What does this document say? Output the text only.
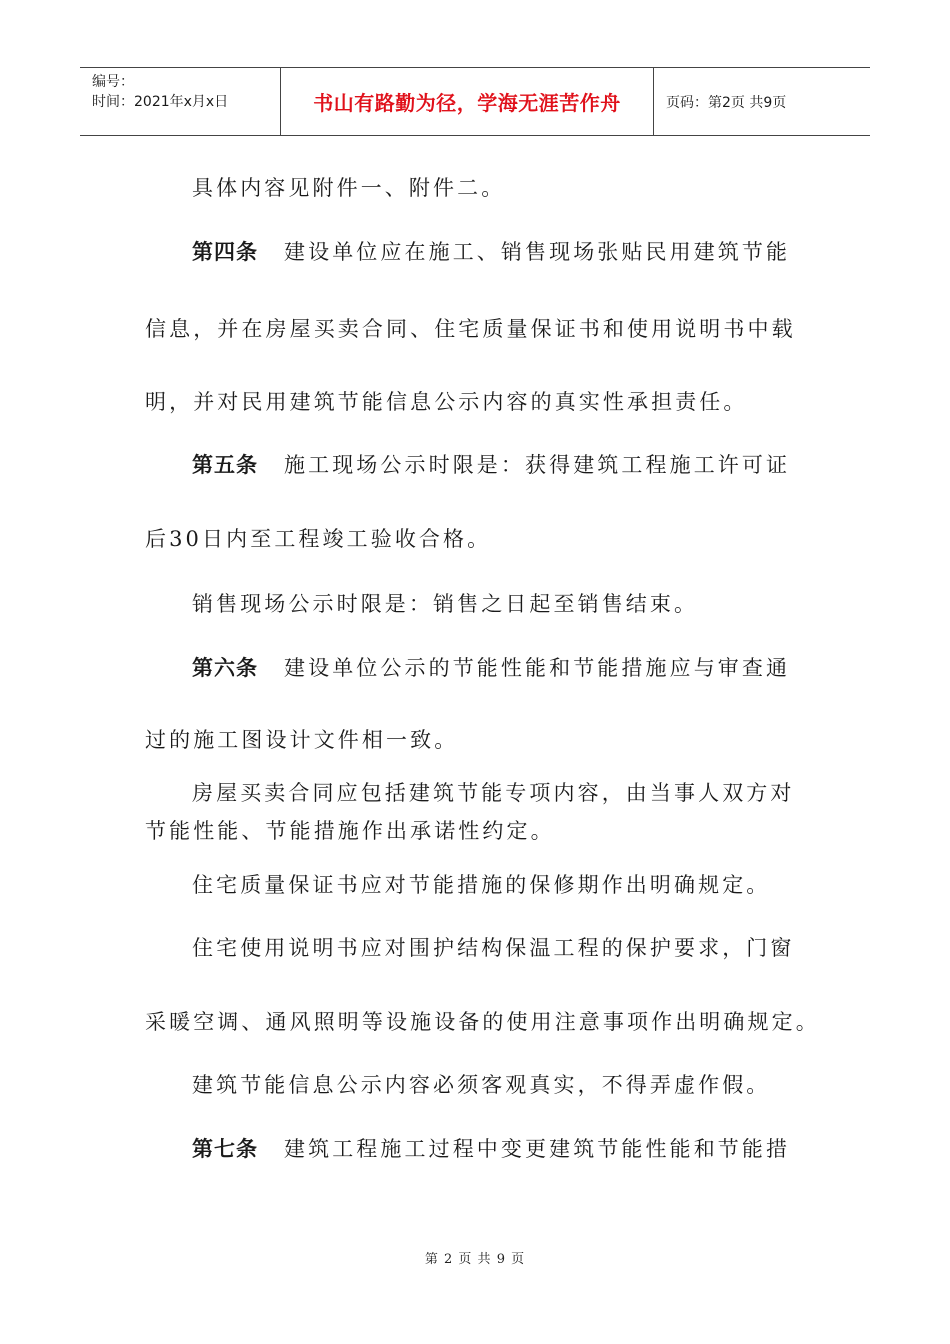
编号：
时间：2021年x月x日	书山有路勤为径，学海无涯苦作舟	页码：第2页 共9页
具体内容见附件一、附件二。
第四条 建设单位应在施工、销售现场张贴民用建筑节能
信息，并在房屋买卖合同、住宅质量保证书和使用说明书中载
明，并对民用建筑节能信息公示内容的真实性承担责任。
第五条 施工现场公示时限是：获得建筑工程施工许可证
后30日内至工程竣工验收合格。
销售现场公示时限是：销售之日起至销售结束。
第六条 建设单位公示的节能性能和节能措施应与审查通
过的施工图设计文件相一致。
房屋买卖合同应包括建筑节能专项内容，由当事人双方对
节能性能、节能措施作出承诺性约定。
住宅质量保证书应对节能措施的保修期作出明确规定。
住宅使用说明书应对围护结构保温工程的保护要求，门窗
采暖空调、通风照明等设施设备的使用注意事项作出明确规定。
建筑节能信息公示内容必须客观真实，不得弄虚作假。
第七条 建筑工程施工过程中变更建筑节能性能和节能措
第 2 页 共 9 页
